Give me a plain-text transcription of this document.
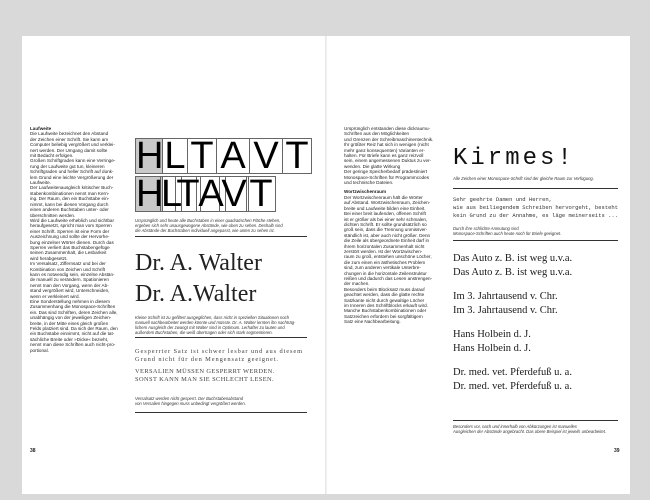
Laufweite

Die Laufweite bezeichnet den Abstand

der Zeichen einer Schrift. Sie kann am

Computer beliebig vergrößert und verklei-

nert werden. Der Umgang damit sollte

mit Bedacht erfolgen.

Großen Schriftgraden kann eine Verringe-

rung der Laufweite gut tun, kleineren

Schriftgraden und heller Schrift auf dunk-

lem Grund eine leichte Vergrößerung der

Laufweite.

Der Laufweitenausgleich kritischer Buch-

stabenkombinationen nennt man Kern-

ing. Der Raum, den ein Buchstabe ein-

nimmt, kann bei diesen Vorgang durch

einen anderen Buchstaben unter- oder

überschnitten werden.

Wird die Laufweite erheblich und sichtbar

heraufgesetzt, spricht man vom Sperren

einer Schrift. Sperren ist eine Form der

Auszeichnung und sollte der Hervorhe-

bung einzelner Wörter dienen. Durch das

Sperren verliert das Buchstabengefüge

seinen Zusammenhalt, die Lesbarkeit

wird herabgesetzt.

Im Versalsatz, Ziffernsatz und bei der

Kombination von Zeichen und Schrift

kann es notwendig sein, einzelne Abstän-

de manuell zu verändern. Spationieren

nennt man den Vorgang, wenn der Ab-

stand vergrößert wird, Unterschneiden,

wenn er verkleinert wird.

Eine Sonderstellung nehmen in diesem

Zusammenhang die Monospace-Schriften

ein. Das sind Schriften, deren Zeichen alle,

unabhängig von der jeweiligen Zeichen-

breite, in der Mitte eines gleich großen

Felds platziert sind. Da sich der Raum, den

ein Buchstabe einnimmt, nicht auf die tat-

sächliche Breite oder »Dicke« bezieht,

nennt man diese Schriften auch nicht-pro-

portional.

H L T A V T
H
L
T
A
V T

Ursprünglich und heute alle Buchstaben in einer quadratischen Fläche stehen,

ergeben sich sehr unausgewogene Abstände, wie oben zu sehen. Deshalb sind

die Abstände der Buchstaben individuell angepasst, wie unten zu sehen ist.

Dr. A. Walter
Dr. A.Walter

Kleine Schrift ist zu gefiltert ausgeglichen, dass nicht in speziellen Situationen noch

manuell nachbearbeitet werden könnte und müsste. Dr. A. Walter lernten ihn nachträg-

lichem Ausgleich der zwangt mit Walter sind in Optimum. Lerhafter zu lauten und

außerdem Buchstaben, die weiß übertragen oder sich stark segmentieren.

Gesperrter Satz ist schwer lesbar und aus diesem
Grund nicht für den Mengensatz geeignet.
VERSALIEN MÜSSEN GESPERRT WERDEN.
SONST KANN MAN SIE SCHLECHT LESEN.

Versalsatz werden nicht gesperrt. Der Buchstabenabstand

von Versalien hingegen muss unbedingt vergrößert werden.

38

Ursprünglich entstanden diese dickraumu-

Schriften aus den Möglichkeiten

und Grenzen der Schreibmaschinentechnik.

Ihr größter Reiz hat sich in wenigen (nicht

mehr ganz konsequenten) Varianten er-

halten. Für Briefe kann es ganz reizvoll

sein, einem angemessenen Duktus zu ver-

wenden. Die glatte Wirkung

Der geringe Speicherbedarf prädestiniert

Monospace-Schriften für Programmcodes

und technische Dateien.

Wortzwischenraum

Der Wortzwischenraum hält die Wörter

auf Abstand. Wortzwischenraum, Zeichen-

breite und Laufweite bilden eine Einheit.

Bei einer breit laufenden, offenen Schrift

ist er größer als bei einer sehr schmalen,

dichten Schrift. Er sollte grundsätzlich so

groß sein, dass die Trennung unmissver-

ständlich ist, aber auch nicht größer. Denn

die Zeile als übergeordnete Einheit darf in

ihrem horizontalen Zusammenhalt nicht

zerstört werden. Ist der Wortzwischen-

raum zu groß, entstehen unschöne Löcher,

die zum einen ein ästhetisches Problem

sind, zum anderen vertikale Unterbre-

chungen in die horizontale Zeilenstruktur

reißen und dadurch das Lesen anstrengen-

der machen.

Besonders beim Blocksatz muss darauf

geachtet werden, dass die glatte rechte

Satzkante nicht durch gewaltige Löcher

im Inneren des Schriftblocks erkauft wird.

Manche Buchstabenkombinationen oder

Satzzeichen erfordern bei sorgfältigem

Satz eine Nachbearbeitung.

Kirmes!
Alle Zeichen einer Monospace-Schrift sind der gleiche Raum zur Verfügung.
Sehr geehrte Damen und Herren,
wie aus beiliegendem Schreiben hervorgeht, besteht
kein Grund zu der Annahme, es läge meinerseits ...

Durch ihre schlichte Anmutung sind

Monospace-Schriften auch heute noch für Briefe geeignet.

Das Auto z. B. ist weg u.v.a.
Das Auto z. B. ist weg u.v.a.
Im 3. Jahrtausend v. Chr.
Im 3. Jahrtausend v. Chr.
Hans Holbein d. J.
Hans Holbein d. J.
Dr. med. vet. Pferdefuß u. a.
Dr. med. vet. Pferdefuß u. a.

Besonders vor, nach und innerhalb von Abkürzungen ist manuelles

Ausgleichen der Abstände angebracht. Das obere Beispiel ist jeweils unbearbeitet.

39
